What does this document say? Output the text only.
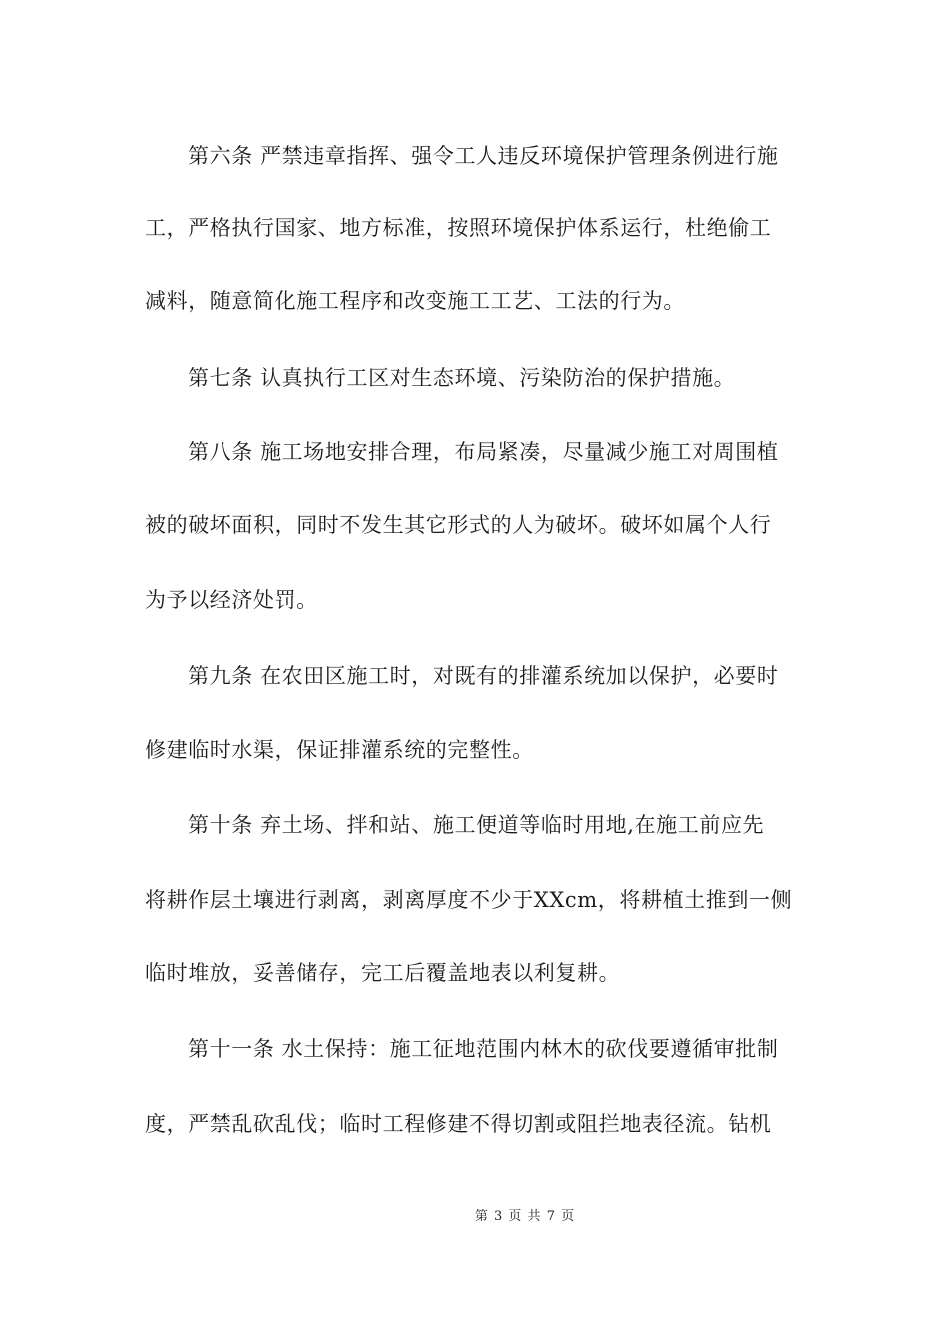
第六条 严禁违章指挥、强令工人违反环境保护管理条例进行施
工，严格执行国家、地方标准，按照环境保护体系运行，杜绝偷工
减料，随意简化施工程序和改变施工工艺、工法的行为。
第七条 认真执行工区对生态环境、污染防治的保护措施。
第八条 施工场地安排合理，布局紧凑，尽量减少施工对周围植
被的破坏面积，同时不发生其它形式的人为破坏。破坏如属个人行
为予以经济处罚。
第九条 在农田区施工时，对既有的排灌系统加以保护，必要时
修建临时水渠，保证排灌系统的完整性。
第十条 弃土场、拌和站、施工便道等临时用地,在施工前应先
将耕作层土壤进行剥离，剥离厚度不少于XXcm，将耕植土推到一侧
临时堆放，妥善储存，完工后覆盖地表以利复耕。
第十一条 水土保持：施工征地范围内林木的砍伐要遵循审批制
度，严禁乱砍乱伐；临时工程修建不得切割或阻拦地表径流。钻机
第 3 页 共 7 页
